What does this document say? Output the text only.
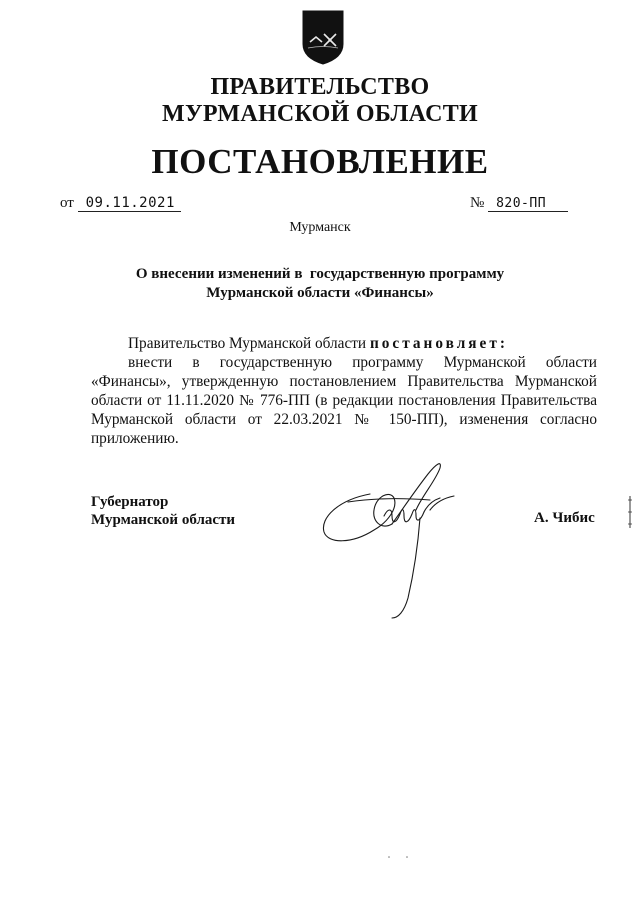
ПРАВИТЕЛЬСТВО
МУРМАНСКОЙ ОБЛАСТИ
ПОСТАНОВЛЕНИЕ
от 09.11.2021	№ 820-ПП
Мурманск
О внесении изменений в  государственную программу
Мурманской области «Финансы»
Правительство Мурманской области постановляет:

внести в государственную программу Мурманской области «Финансы», утвержденную постановлением Правительства Мурманской области от 11.11.2020 № 776-ПП (в редакции постановления Правительства Мурманской области от 22.03.2021 № 150-ПП), изменения согласно приложению.

Губернатор
Мурманской области	А. Чибис
